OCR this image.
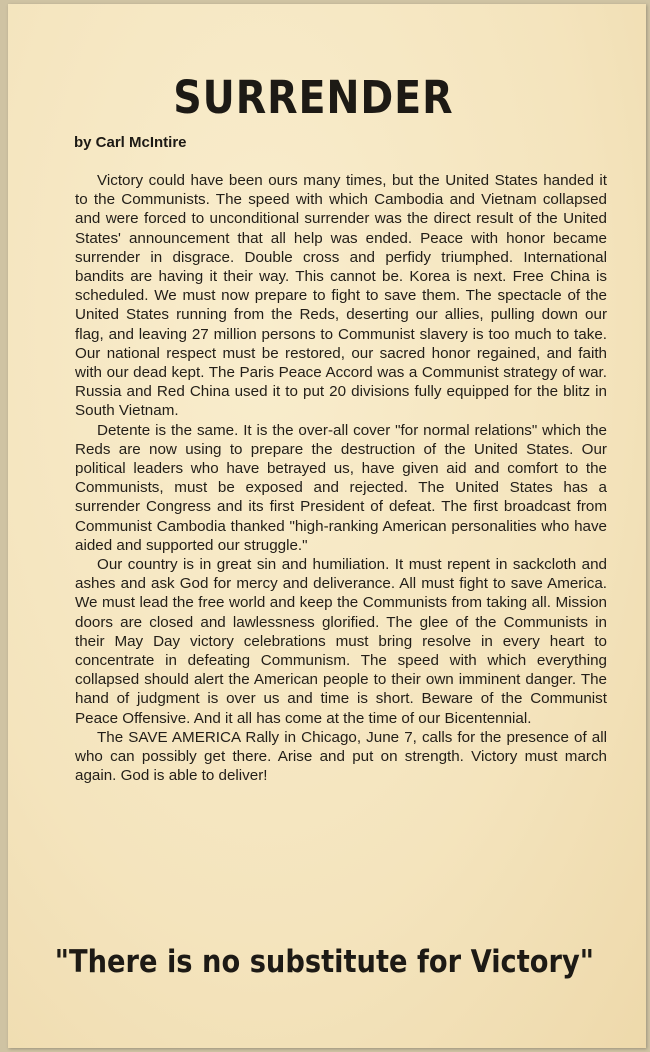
SURRENDER
by Carl McIntire

Victory could have been ours many times, but the United States handed it to the Communists. The speed with which Cambodia and Vietnam collapsed and were forced to unconditional surrender was the direct result of the United States' announcement that all help was ended. Peace with honor became surrender in disgrace. Double cross and perfidy triumphed. International bandits are having it their way. This cannot be. Korea is next. Free China is scheduled. We must now prepare to fight to save them. The spectacle of the United States running from the Reds, deserting our allies, pulling down our flag, and leaving 27 million persons to Communist slavery is too much to take. Our national respect must be restored, our sacred honor regained, and faith with our dead kept. The Paris Peace Accord was a Communist strategy of war. Russia and Red China used it to put 20 divisions fully equipped for the blitz in South Vietnam.

Detente is the same. It is the over-all cover "for normal relations" which the Reds are now using to prepare the destruction of the United States. Our political leaders who have betrayed us, have given aid and comfort to the Communists, must be exposed and rejected. The United States has a surrender Congress and its first President of defeat. The first broadcast from Communist Cambodia thanked "high-ranking American personalities who have aided and supported our struggle."

Our country is in great sin and humiliation. It must repent in sackcloth and ashes and ask God for mercy and deliverance. All must fight to save America. We must lead the free world and keep the Communists from taking all. Mission doors are closed and lawlessness glorified. The glee of the Communists in their May Day victory celebrations must bring resolve in every heart to concentrate in defeating Communism. The speed with which everything collapsed should alert the American people to their own imminent danger. The hand of judgment is over us and time is short. Beware of the Communist Peace Offensive. And it all has come at the time of our Bicentennial.

The SAVE AMERICA Rally in Chicago, June 7, calls for the presence of all who can possibly get there. Arise and put on strength. Victory must march again. God is able to deliver!

"There is no substitute for Victory"
